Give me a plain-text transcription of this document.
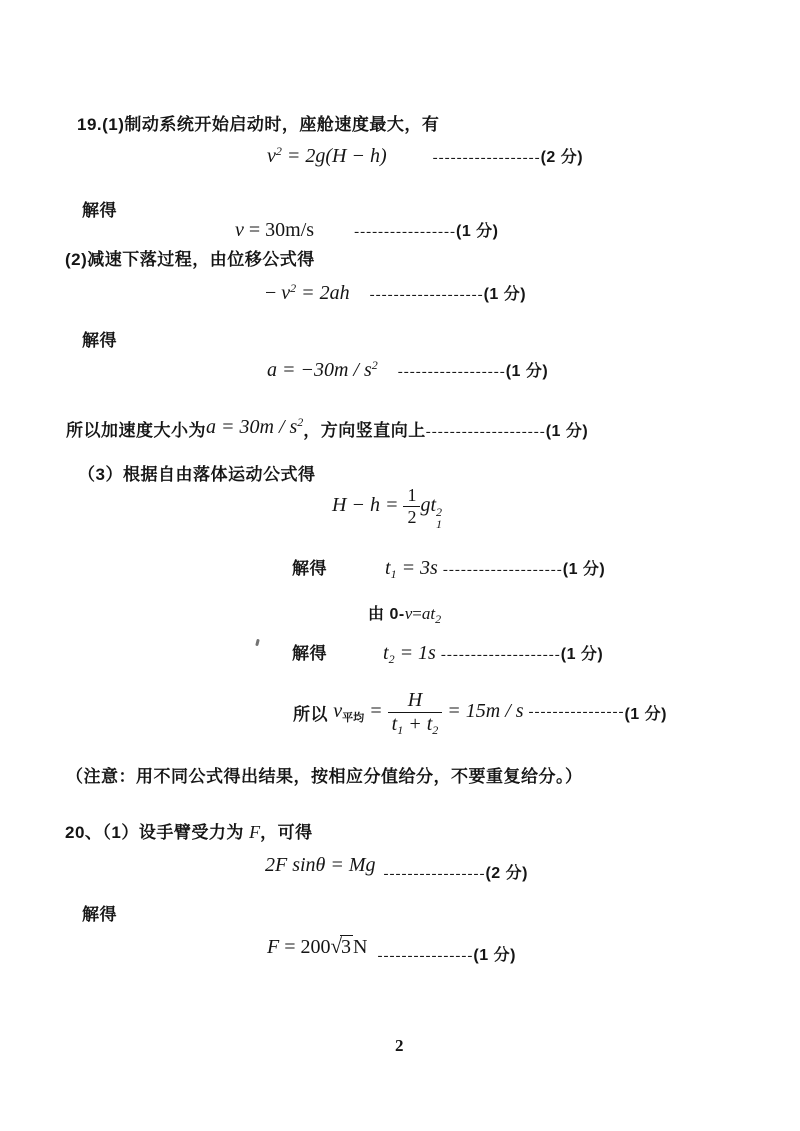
19.(1)制动系统开始启动时，座舱速度最大，有
$v^2 = 2g(H - h)$	------------------(2 分)
解得
v = 30m/s	-----------------(1 分)
(2)减速下落过程，由位移公式得
− $v^2 = 2ah$ -------------------(1 分)
解得
$a = -30m / s^2$ ------------------(1 分)
所以加速度大小为$a = 30m / s^2$，方向竖直向上--------------------(1 分)
（3）根据自由落体运动公式得
$H - h = \frac{1}{2}$ gt 2
1
解得	$t_1 = 3s$ --------------------(1 分)
由 $0-v=at_2$
解得	$t_2 = 1s$ --------------------(1 分)
所以 $v_{平均} = \frac{H}{t_1 + t_2} = 15m / s$ ----------------(1 分)
（注意：用不同公式得出结果，按相应分值给分，不要重复给分。）
20、（1）设手臂受力为 F，可得
2F sinθ = Mg -----------------(2 分)
解得
F = 200√3 N ----------------(1 分)
2
